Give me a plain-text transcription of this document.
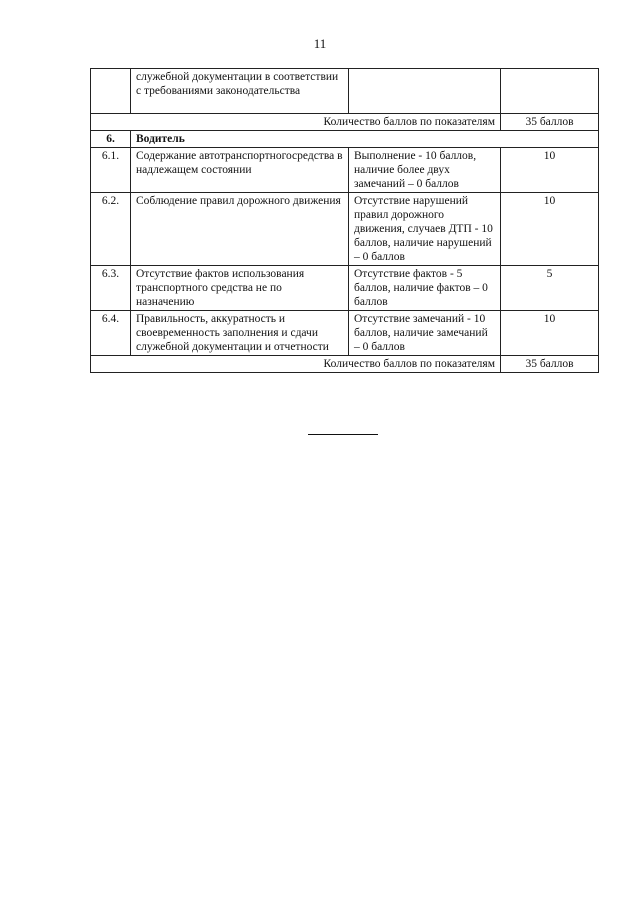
11
	служебной документации в соответствии с требованиями законодательства		
Количество баллов по показателям			35 баллов
6.	Водитель		
6.1.	Содержание автотранспортногосредства в надлежащем состоянии	Выполнение - 10 баллов, наличие более двух замечаний – 0 баллов	10
6.2.	Соблюдение правил дорожного движения	Отсутствие нарушений правил дорожного движения, случаев ДТП - 10 баллов, наличие нарушений – 0 баллов	10
6.3.	Отсутствие фактов использования транспортного средства не по назначению	Отсутствие фактов - 5 баллов, наличие фактов – 0 баллов	5
6.4.	Правильность, аккуратность и своевременность заполнения и сдачи служебной документации и отчетности	Отсутствие замечаний - 10 баллов, наличие замечаний – 0 баллов	10
Количество баллов по показателям			35 баллов
